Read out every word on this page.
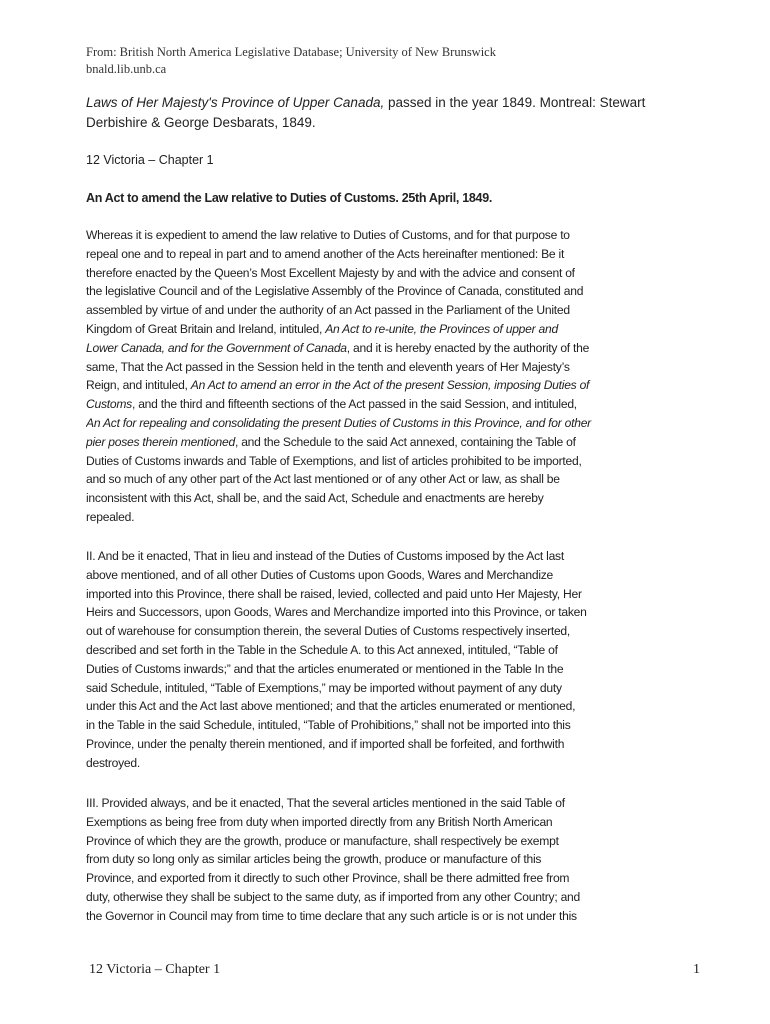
From: British North America Legislative Database; University of New Brunswick
bnald.lib.unb.ca
Laws of Her Majesty's Province of Upper Canada, passed in the year 1849. Montreal: Stewart
Derbishire & George Desbarats, 1849.
12 Victoria – Chapter 1
An Act to amend the Law relative to Duties of Customs. 25th April, 1849.
Whereas it is expedient to amend the law relative to Duties of Customs, and for that purpose to
repeal one and to repeal in part and to amend another of the Acts hereinafter mentioned: Be it
therefore enacted by the Queen’s Most Excellent Majesty by and with the advice and consent of
the legislative Council and of the Legislative Assembly of the Province of Canada, constituted and
assembled by virtue of and under the authority of an Act passed in the Parliament of the United
Kingdom of Great Britain and Ireland, intituled, An Act to re-unite, the Provinces of upper and
Lower Canada, and for the Government of Canada, and it is hereby enacted by the authority of the
same, That the Act passed in the Session held in the tenth and eleventh years of Her Majesty’s
Reign, and intituled, An Act to amend an error in the Act of the present Session, imposing Duties of
Customs, and the third and fifteenth sections of the Act passed in the said Session, and intituled,
An Act for repealing and consolidating the present Duties of Customs in this Province, and for other
pier poses therein mentioned, and the Schedule to the said Act annexed, containing the Table of
Duties of Customs inwards and Table of Exemptions, and list of articles prohibited to be imported,
and so much of any other part of the Act last mentioned or of any other Act or law, as shall be
inconsistent with this Act, shall be, and the said Act, Schedule and enactments are hereby
repealed.
II. And be it enacted, That in lieu and instead of the Duties of Customs imposed by the Act last
above mentioned, and of all other Duties of Customs upon Goods, Wares and Merchandize
imported into this Province, there shall be raised, levied, collected and paid unto Her Majesty, Her
Heirs and Successors, upon Goods, Wares and Merchandize imported into this Province, or taken
out of warehouse for consumption therein, the several Duties of Customs respectively inserted,
described and set forth in the Table in the Schedule A. to this Act annexed, intituled, “Table of
Duties of Customs inwards;” and that the articles enumerated or mentioned in the Table In the
said Schedule, intituled, “Table of Exemptions,” may be imported without payment of any duty
under this Act and the Act last above mentioned; and that the articles enumerated or mentioned,
in the Table in the said Schedule, intituled, “Table of Prohibitions,” shall not be imported into this
Province, under the penalty therein mentioned, and if imported shall be forfeited, and forthwith
destroyed.
III. Provided always, and be it enacted, That the several articles mentioned in the said Table of
Exemptions as being free from duty when imported directly from any British North American
Province of which they are the growth, produce or manufacture, shall respectively be exempt
from duty so long only as similar articles being the growth, produce or manufacture of this
Province, and exported from it directly to such other Province, shall be there admitted free from
duty, otherwise they shall be subject to the same duty, as if imported from any other Country; and
the Governor in Council may from time to time declare that any such article is or is not under this
12 Victoria – Chapter 1	1
